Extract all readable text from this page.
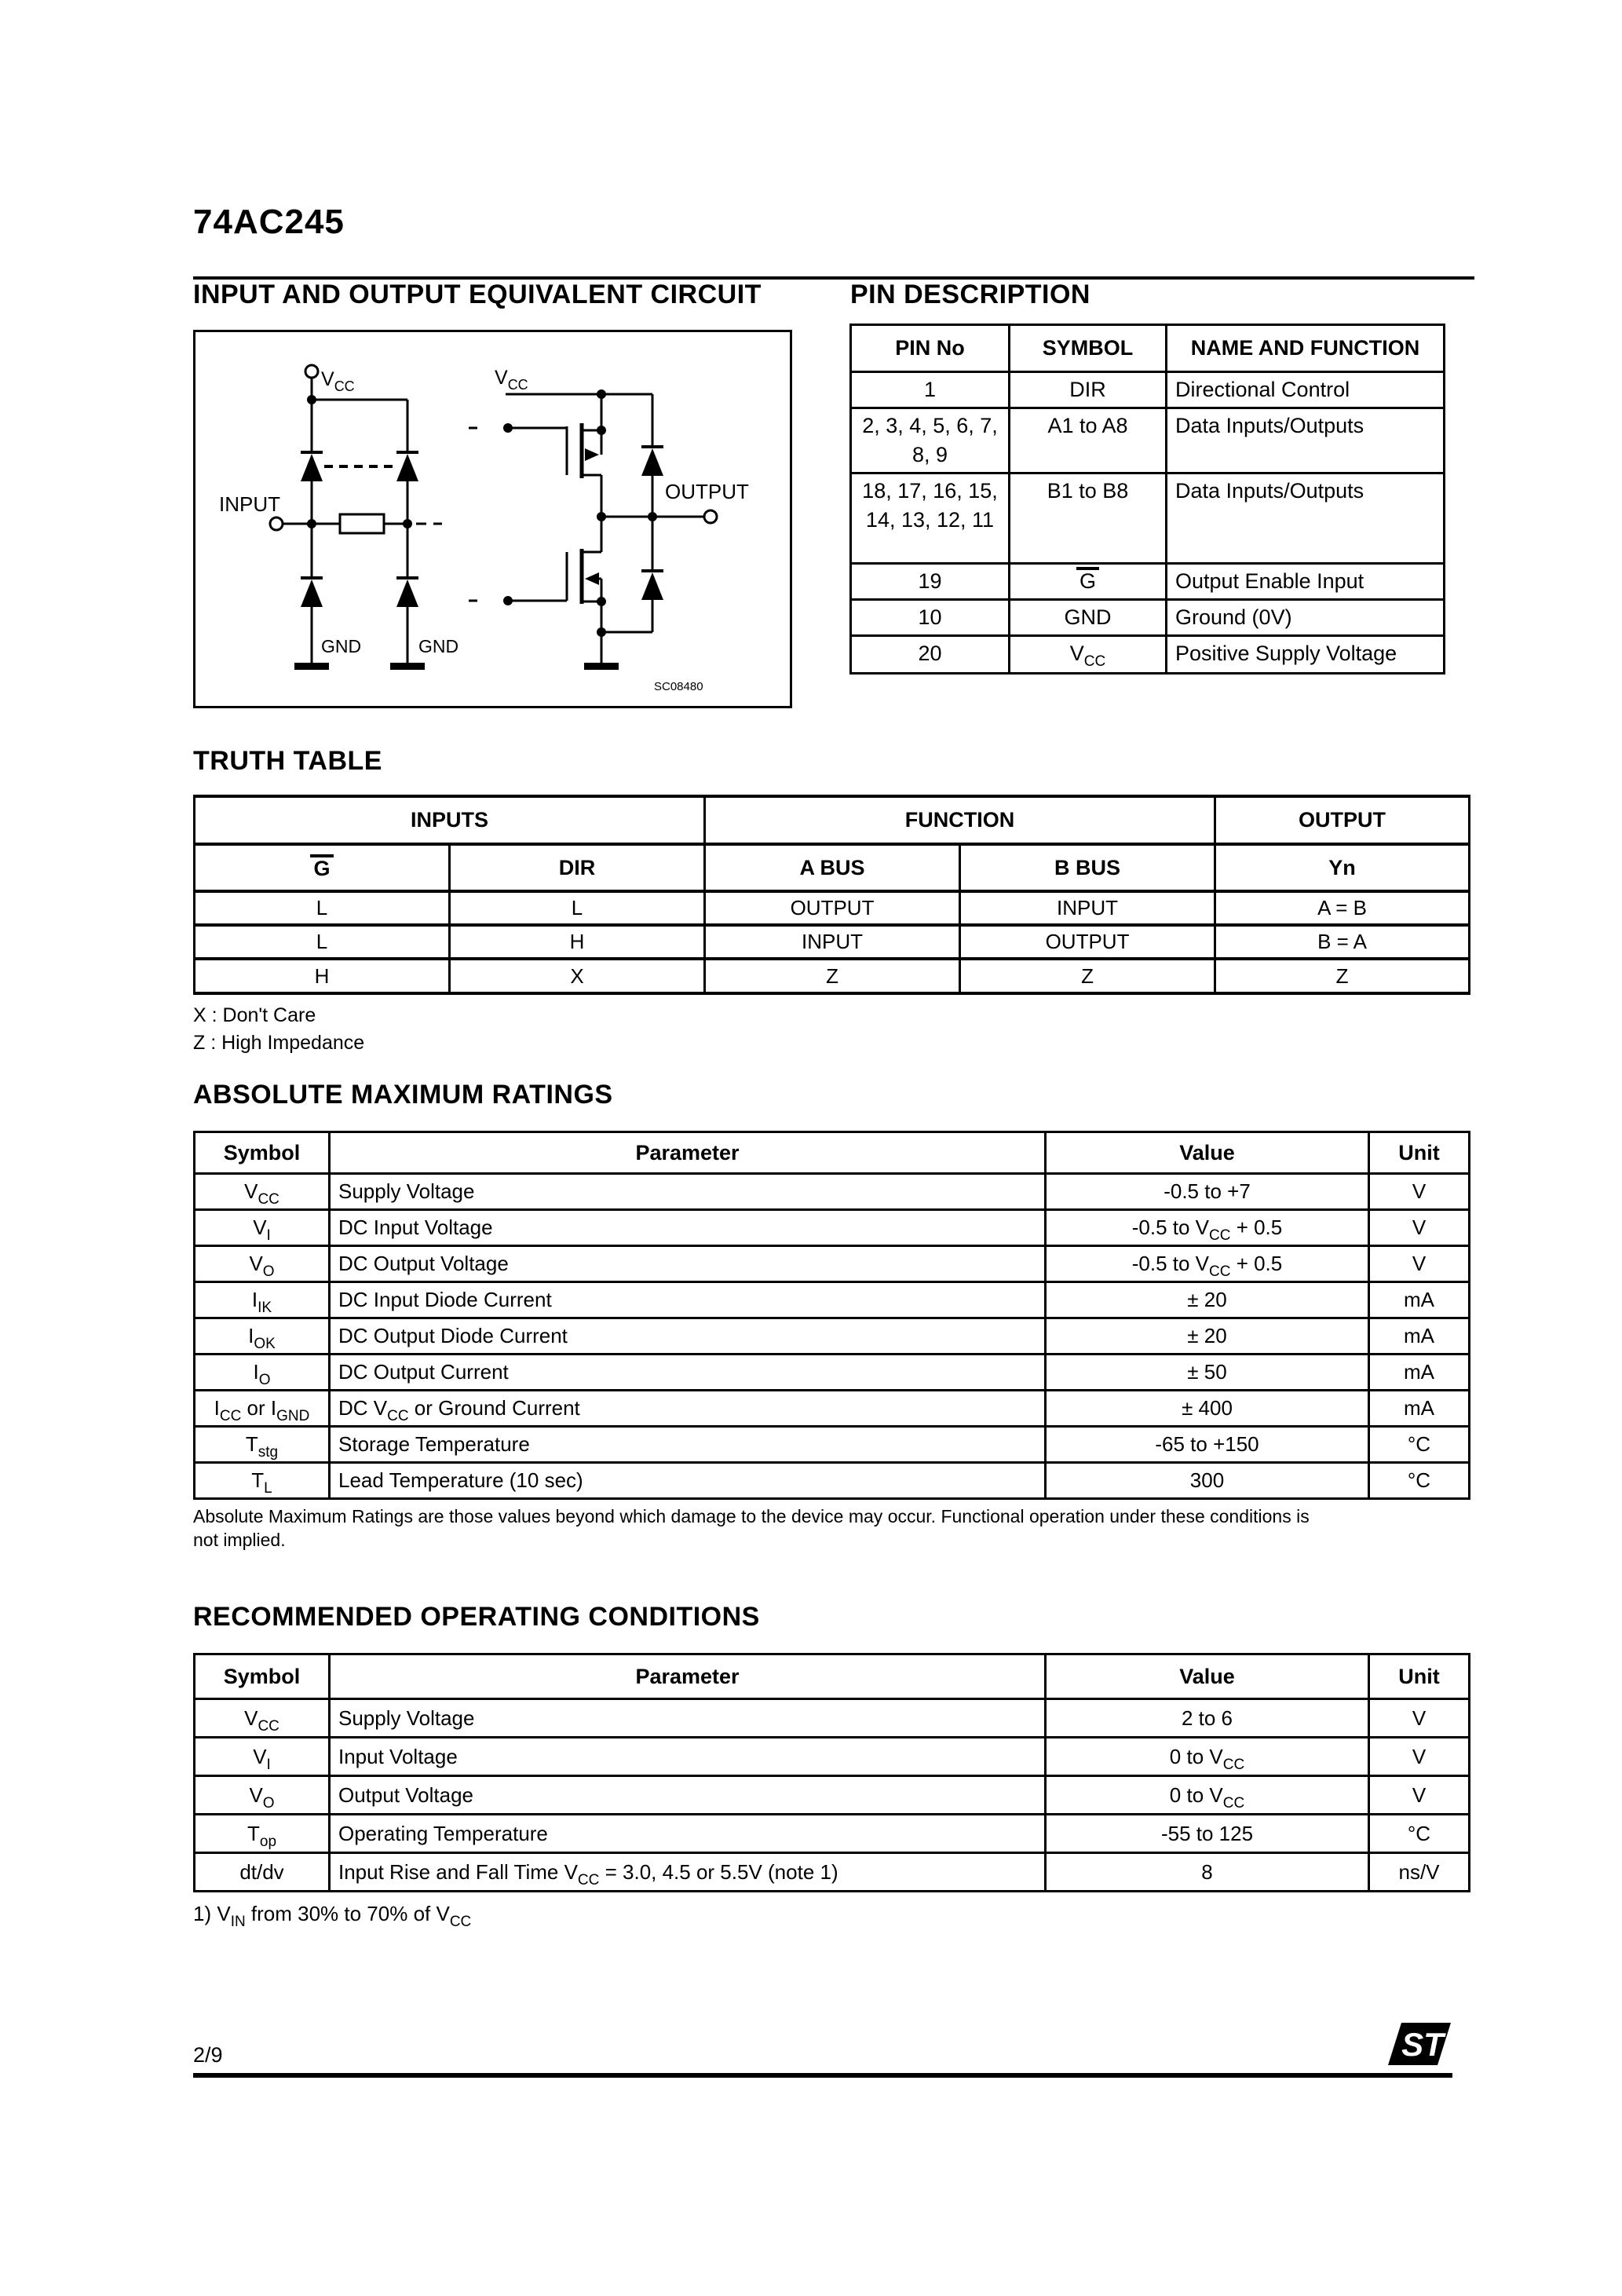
74AC245
INPUT AND OUTPUT EQUIVALENT CIRCUIT	PIN DESCRIPTION
$V_{CC}$	$V_{CC}$
INPUT
OUTPUT
GND	GND
SC08480
PIN No	SYMBOL	NAME AND FUNCTION
1	DIR	Directional Control
2, 3, 4, 5, 6, 7, 8, 9	A1 to A8	Data Inputs/Outputs
18, 17, 16, 15, 14, 13, 12, 11	B1 to B8	Data Inputs/Outputs
19	G	Output Enable Input
10	GND	Ground (0V)
20	$V_{CC}$	Positive Supply Voltage
TRUTH TABLE
INPUTS		FUNCTION		OUTPUT
G	DIR	A BUS	B BUS	Yn
L	L	OUTPUT	INPUT	A = B
L	H	INPUT	OUTPUT	B = A
H	X	Z	Z	Z
X : Don't Care
Z : High Impedance
ABSOLUTE MAXIMUM RATINGS
Symbol	Parameter	Value	Unit
$V_{CC}$	Supply Voltage	-0.5 to +7	V
$V_I$	DC Input Voltage	-0.5 to $V_{CC} + 0.5$	V
$V_O$	DC Output Voltage	-0.5 to $V_{CC} + 0.5$	V
$I_{IK}$	DC Input Diode Current	± 20	mA
$I_{OK}$	DC Output Diode Current	± 20	mA
$I_O$	DC Output Current	± 50	mA
$I_{CC}$ or $I_{GND}$	DC $V_{CC}$ or Ground Current	± 400	mA
$T_{stg}$	Storage Temperature	-65 to +150	°C
$T_L$	Lead Temperature (10 sec)	300	°C
Absolute Maximum Ratings are those values beyond which damage to the device may occur. Functional operation under these conditions is
not implied.
RECOMMENDED OPERATING CONDITIONS
Symbol	Parameter	Value	Unit
$V_{CC}$	Supply Voltage	2 to 6	V
$V_I$	Input Voltage	0 to $V_{CC}$	V
$V_O$	Output Voltage	0 to $V_{CC}$	V
$T_{op}$	Operating Temperature	-55 to 125	°C
dt/dv	Input Rise and Fall Time $V_{CC} = 3.0$, 4.5 or 5.5V (note 1)	8	ns/V
1) $V_{IN}$ from 30% to 70% of $V_{CC}$
2/9	ST
